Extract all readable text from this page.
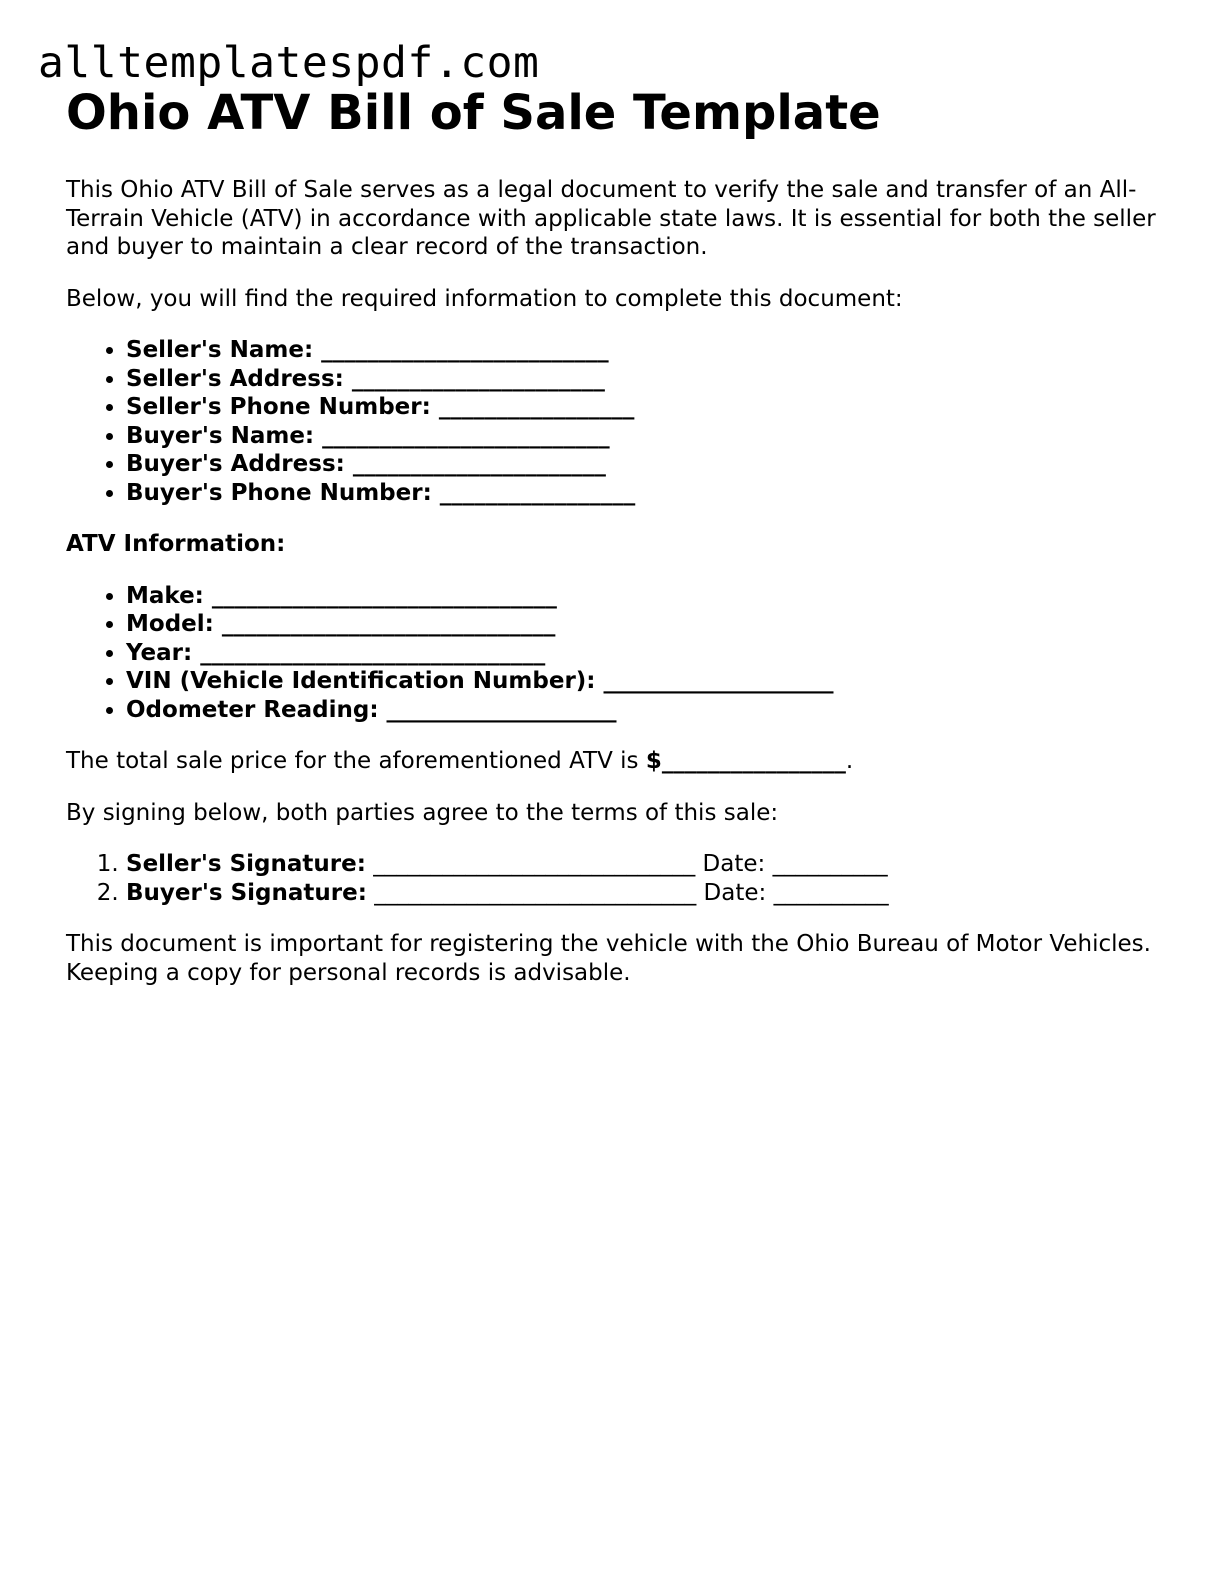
alltemplatespdf.com
Ohio ATV Bill of Sale Template

This Ohio ATV Bill of Sale serves as a legal document to verify the sale and transfer of an All-Terrain Vehicle (ATV) in accordance with applicable state laws. It is essential for both the seller and buyer to maintain a clear record of the transaction.

Below, you will find the required information to complete this document:

• Seller's Name: _________________________
• Seller's Address: ______________________
• Seller's Phone Number: _________________
• Buyer's Name: _________________________
• Buyer's Address: ______________________
• Buyer's Phone Number: _________________

ATV Information:

• Make: ______________________________
• Model: _____________________________
• Year: ______________________________
• VIN (Vehicle Identification Number): ____________________
• Odometer Reading: ____________________

The total sale price for the aforementioned ATV is $________________.

By signing below, both parties agree to the terms of this sale:

1. Seller's Signature: ____________________________ Date: __________
2. Buyer's Signature: ____________________________ Date: __________

This document is important for registering the vehicle with the Ohio Bureau of Motor Vehicles. Keeping a copy for personal records is advisable.
